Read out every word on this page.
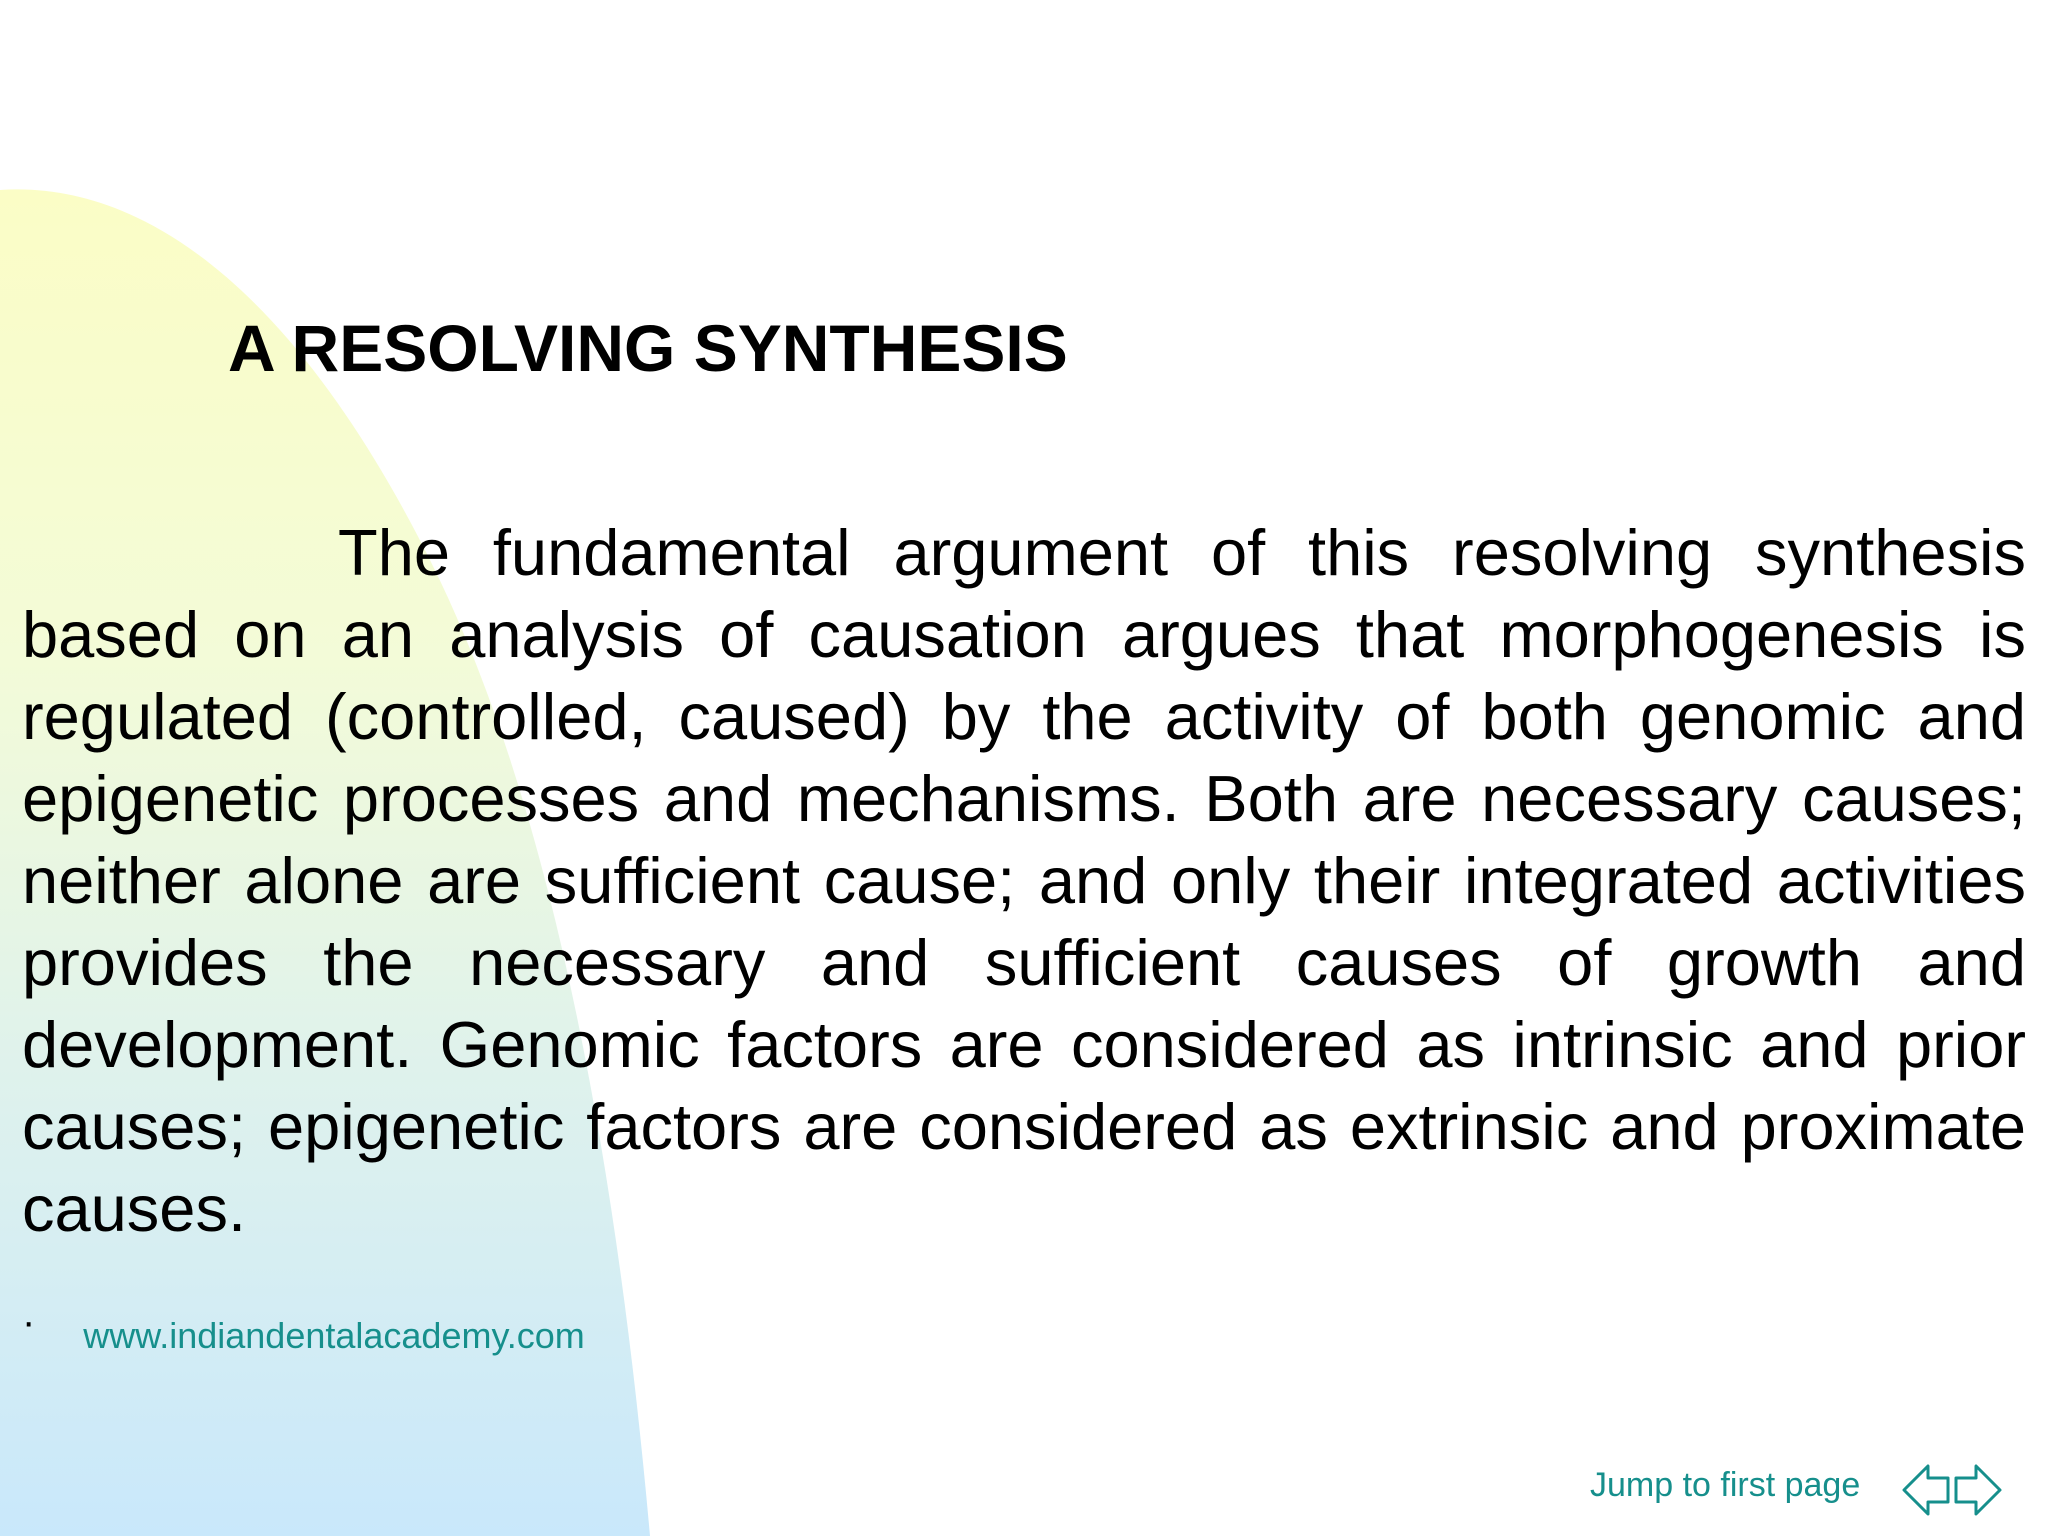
A RESOLVING SYNTHESIS

The fundamental argument of this resolving synthesis based on an analysis of causation argues that morphogenesis is regulated (controlled, caused) by the activity of both genomic and epigenetic processes and mechanisms. Both are necessary causes; neither alone are sufficient cause; and only their integrated activities provides the necessary and sufficient causes of growth and development. Genomic factors are considered as intrinsic and prior causes; epigenetic factors are considered as extrinsic and proximate causes.

·	www.indiandentalacademy.com
Jump to first page
